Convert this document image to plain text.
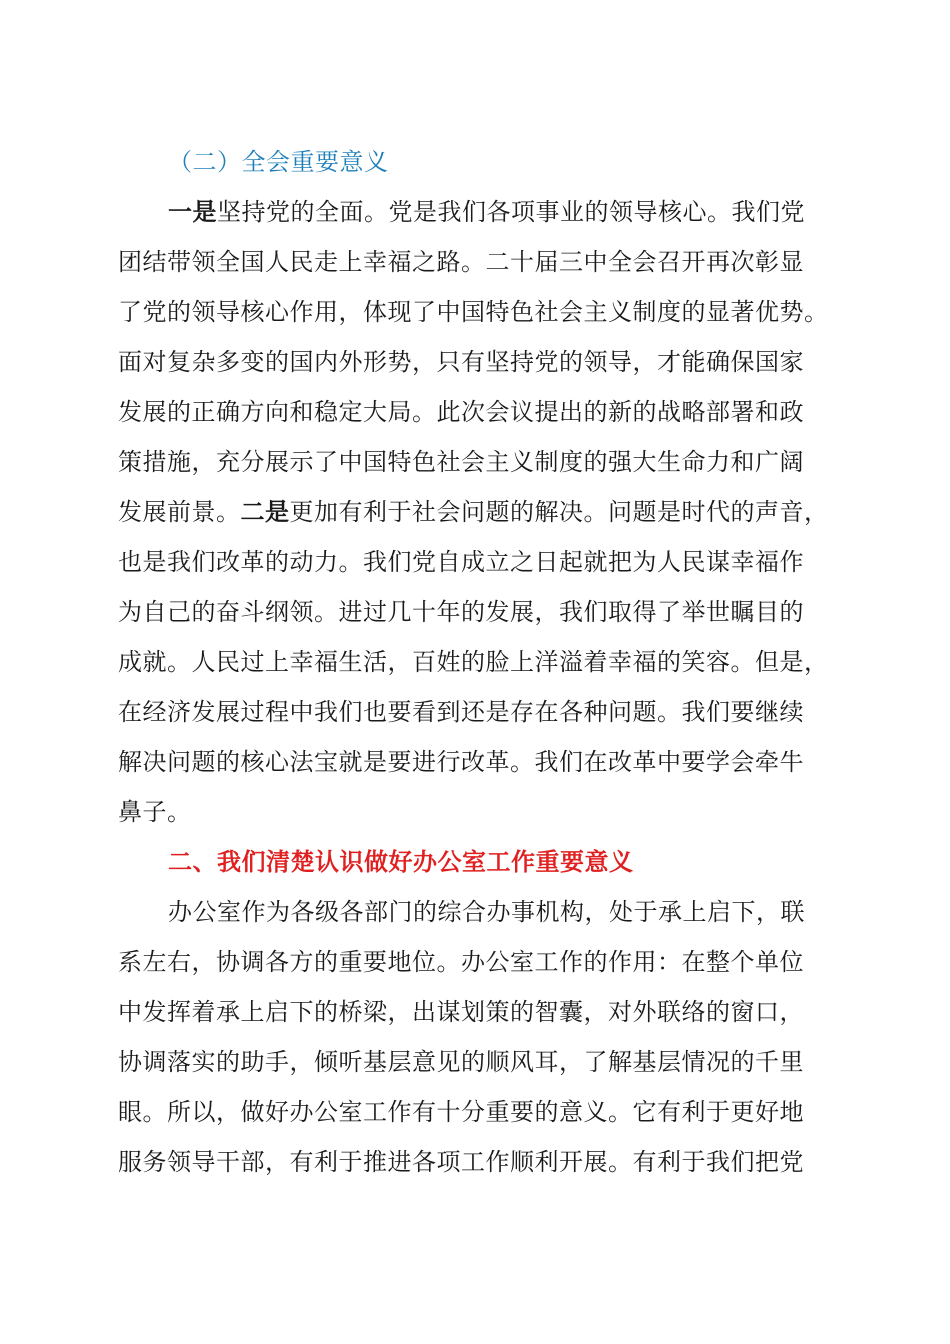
（二）全会重要意义
一是坚持党的全面。党是我们各项事业的领导核心。我们党
团结带领全国人民走上幸福之路。二十届三中全会召开再次彰显
了党的领导核心作用，体现了中国特色社会主义制度的显著优势。
面对复杂多变的国内外形势，只有坚持党的领导，才能确保国家
发展的正确方向和稳定大局。此次会议提出的新的战略部署和政
策措施，充分展示了中国特色社会主义制度的强大生命力和广阔
发展前景。二是更加有利于社会问题的解决。问题是时代的声音，
也是我们改革的动力。我们党自成立之日起就把为人民谋幸福作
为自己的奋斗纲领。进过几十年的发展，我们取得了举世瞩目的
成就。人民过上幸福生活，百姓的脸上洋溢着幸福的笑容。但是，
在经济发展过程中我们也要看到还是存在各种问题。我们要继续
解决问题的核心法宝就是要进行改革。我们在改革中要学会牵牛
鼻子。
二、我们清楚认识做好办公室工作重要意义
办公室作为各级各部门的综合办事机构，处于承上启下，联
系左右，协调各方的重要地位。办公室工作的作用：在整个单位
中发挥着承上启下的桥梁，出谋划策的智囊，对外联络的窗口，
协调落实的助手，倾听基层意见的顺风耳，了解基层情况的千里
眼。所以，做好办公室工作有十分重要的意义。它有利于更好地
服务领导干部，有利于推进各项工作顺利开展。有利于我们把党
